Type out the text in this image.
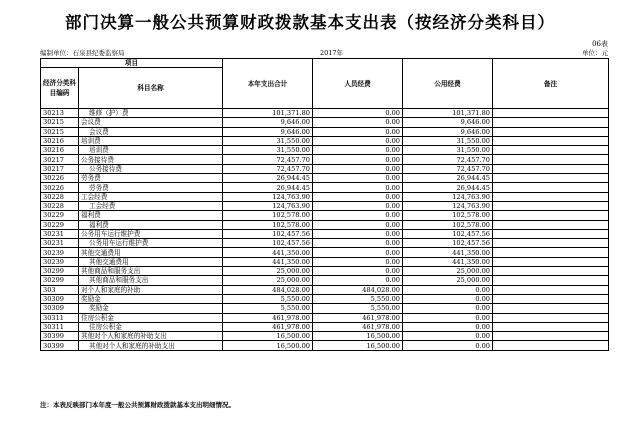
部门决算一般公共预算财政拨款基本支出表（按经济分类科目）
06表
编制单位：石泉县纪委监察局	2017年	单位：元
项目		本年支出合计	人员经费	公用经费	备注
经济分类科目编码	科目名称				
30213	维修（护）费	101,371.80	0.00	101,371.80	
30215	会议费	9,646.00	0.00	9,646.00	
30215	会议费	9,646.00	0.00	9,646.00	
30216	培训费	31,550.00	0.00	31,550.00	
30216	培训费	31,550.00	0.00	31,550.00	
30217	公务接待费	72,457.70	0.00	72,457.70	
30217	公务接待费	72,457.70	0.00	72,457.70	
30226	劳务费	26,944.45	0.00	26,944.45	
30226	劳务费	26,944.45	0.00	26,944.45	
30228	工会经费	124,763.90	0.00	124,763.90	
30228	工会经费	124,763.90	0.00	124,763.90	
30229	福利费	102,578.00	0.00	102,578.00	
30229	福利费	102,578.00	0.00	102,578.00	
30231	公务用车运行维护费	102,457.56	0.00	102,457.56	
30231	公务用车运行维护费	102,457.56	0.00	102,457.56	
30239	其他交通费用	441,350.00	0.00	441,350.00	
30239	其他交通费用	441,350.00	0.00	441,350.00	
30299	其他商品和服务支出	25,000.00	0.00	25,000.00	
30299	其他商品和服务支出	25,000.00	0.00	25,000.00	
303	对个人和家庭的补助	484,028.00	484,028.00	0.00	
30309	奖励金	5,550.00	5,550.00	0.00	
30309	奖励金	5,550.00	5,550.00	0.00	
30311	住房公积金	461,978.00	461,978.00	0.00	
30311	住房公积金	461,978.00	461,978.00	0.00	
30399	其他对个人和家庭的补助支出	16,500.00	16,500.00	0.00	
30399	其他对个人和家庭的补助支出	16,500.00	16,500.00	0.00	
注：本表反映部门本年度一般公共预算财政拨款基本支出明细情况。
